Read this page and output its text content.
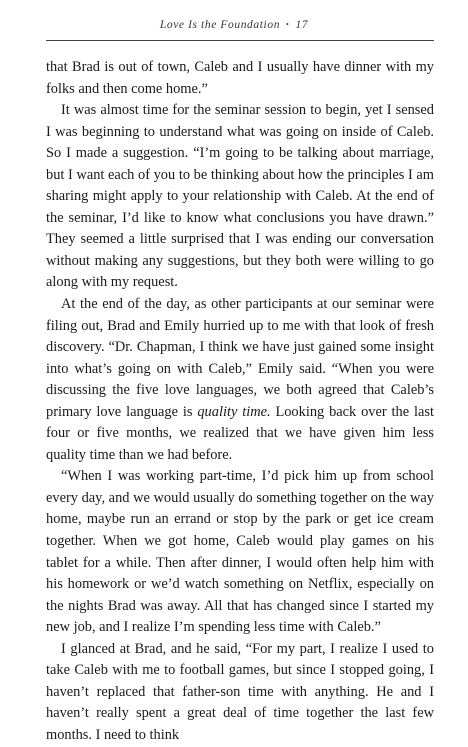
Love Is the Foundation • 17

that Brad is out of town, Caleb and I usually have dinner with my folks and then come home.”

It was almost time for the seminar session to begin, yet I sensed I was beginning to understand what was going on inside of Caleb. So I made a suggestion. “I’m going to be talking about marriage, but I want each of you to be thinking about how the principles I am sharing might apply to your relationship with Caleb. At the end of the seminar, I’d like to know what conclusions you have drawn.” They seemed a little surprised that I was ending our conversation without making any suggestions, but they both were willing to go along with my request.

At the end of the day, as other participants at our seminar were filing out, Brad and Emily hurried up to me with that look of fresh discovery. “Dr. Chapman, I think we have just gained some insight into what’s going on with Caleb,” Emily said. “When you were discussing the five love languages, we both agreed that Caleb’s primary love language is quality time. Looking back over the last four or five months, we realized that we have given him less quality time than we had before.

“When I was working part-time, I’d pick him up from school every day, and we would usually do something together on the way home, maybe run an errand or stop by the park or get ice cream together. When we got home, Caleb would play games on his tablet for a while. Then after dinner, I would often help him with his homework or we’d watch something on Netflix, especially on the nights Brad was away. All that has changed since I started my new job, and I realize I’m spending less time with Caleb.”

I glanced at Brad, and he said, “For my part, I realize I used to take Caleb with me to football games, but since I stopped going, I haven’t replaced that father-son time with anything. He and I haven’t really spent a great deal of time together the last few months. I need to think
